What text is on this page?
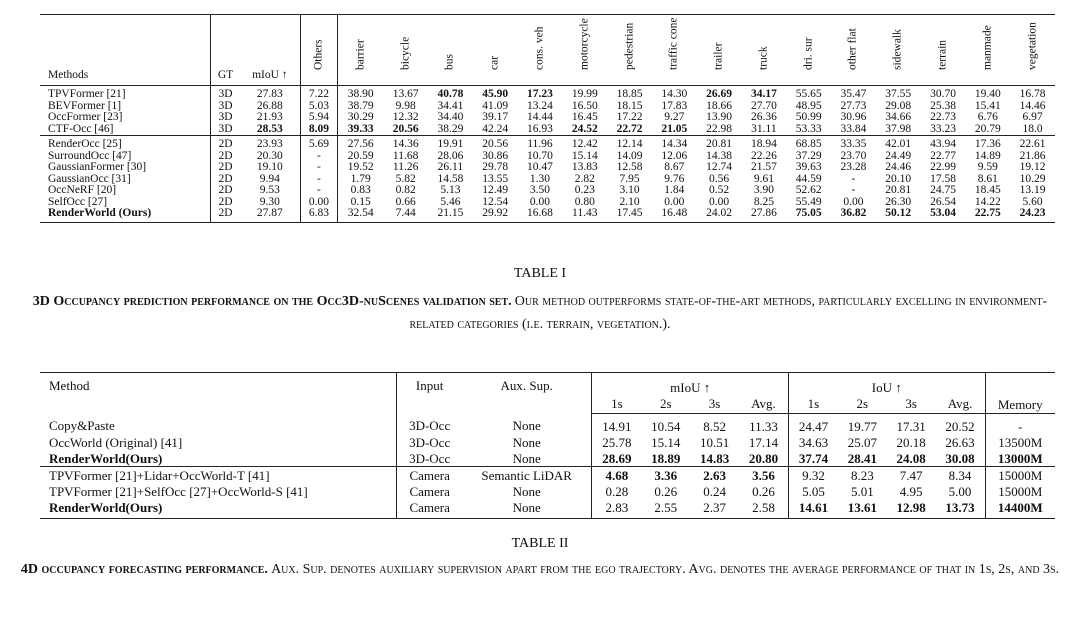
Methods	GT	mIoU ↑	Others	barrier	bicycle	bus	car	cons. veh	motorcycle	pedestrian	traffic cone	trailer	truck	dri. sur	other flat	sidewalk	terrain	manmade	vegetation

TPVFormer [21]	3D	27.83	7.22	38.90	13.67	40.78	45.90	17.23	19.99	18.85	14.30	26.69	34.17	55.65	35.47	37.55	30.70	19.40	16.78
BEVFormer [1]	3D	26.88	5.03	38.79	9.98	34.41	41.09	13.24	16.50	18.15	17.83	18.66	27.70	48.95	27.73	29.08	25.38	15.41	14.46
OccFormer [23]	3D	21.93	5.94	30.29	12.32	34.40	39.17	14.44	16.45	17.22	9.27	13.90	26.36	50.99	30.96	34.66	22.73	6.76	6.97
CTF-Occ [46]	3D	28.53	8.09	39.33	20.56	38.29	42.24	16.93	24.52	22.72	21.05	22.98	31.11	53.33	33.84	37.98	33.23	20.79	18.0
RenderOcc [25]	2D	23.93	5.69	27.56	14.36	19.91	20.56	11.96	12.42	12.14	14.34	20.81	18.94	68.85	33.35	42.01	43.94	17.36	22.61
SurroundOcc [47]	2D	20.30	-	20.59	11.68	28.06	30.86	10.70	15.14	14.09	12.06	14.38	22.26	37.29	23.70	24.49	22.77	14.89	21.86
GaussianFormer [30]	2D	19.10	-	19.52	11.26	26.11	29.78	10.47	13.83	12.58	8.67	12.74	21.57	39.63	23.28	24.46	22.99	9.59	19.12
GaussianOcc [31]	2D	9.94	-	1.79	5.82	14.58	13.55	1.30	2.82	7.95	9.76	0.56	9.61	44.59	-	20.10	17.58	8.61	10.29
OccNeRF [20]	2D	9.53	-	0.83	0.82	5.13	12.49	3.50	0.23	3.10	1.84	0.52	3.90	52.62	-	20.81	24.75	18.45	13.19
SelfOcc [27]	2D	9.30	0.00	0.15	0.66	5.46	12.54	0.00	0.80	2.10	0.00	0.00	8.25	55.49	0.00	26.30	26.54	14.22	5.60
RenderWorld (Ours)	2D	27.87	6.83	32.54	7.44	21.15	29.92	16.68	11.43	17.45	16.48	24.02	27.86	75.05	36.82	50.12	53.04	22.75	24.23
TABLE I
3D Occupancy prediction performance on the Occ3D-nuScenes validation set. Our method outperforms state-of-the-art methods, particularly excelling in environment-related categories (i.e. terrain, vegetation.).
Method	Input	Aux. Sup.	mIoU ↑				IoU ↑				Memory
			1s	2s	3s	Avg.	1s	2s	3s	Avg.	
Copy&Paste	3D-Occ	None	14.91	10.54	8.52	11.33	24.47	19.77	17.31	20.52	-
OccWorld (Original) [41]	3D-Occ	None	25.78	15.14	10.51	17.14	34.63	25.07	20.18	26.63	13500M
RenderWorld(Ours)	3D-Occ	None	28.69	18.89	14.83	20.80	37.74	28.41	24.08	30.08	13000M
TPVFormer [21]+Lidar+OccWorld-T [41]	Camera	Semantic LiDAR	4.68	3.36	2.63	3.56	9.32	8.23	7.47	8.34	15000M
TPVFormer [21]+SelfOcc [27]+OccWorld-S [41]	Camera	None	0.28	0.26	0.24	0.26	5.05	5.01	4.95	5.00	15000M
RenderWorld(Ours)	Camera	None	2.83	2.55	2.37	2.58	14.61	13.61	12.98	13.73	14400M
TABLE II
4D occupancy forecasting performance. Aux. Sup. denotes auxiliary supervision apart from the ego trajectory. Avg. denotes the average performance of that in 1s, 2s, and 3s.
